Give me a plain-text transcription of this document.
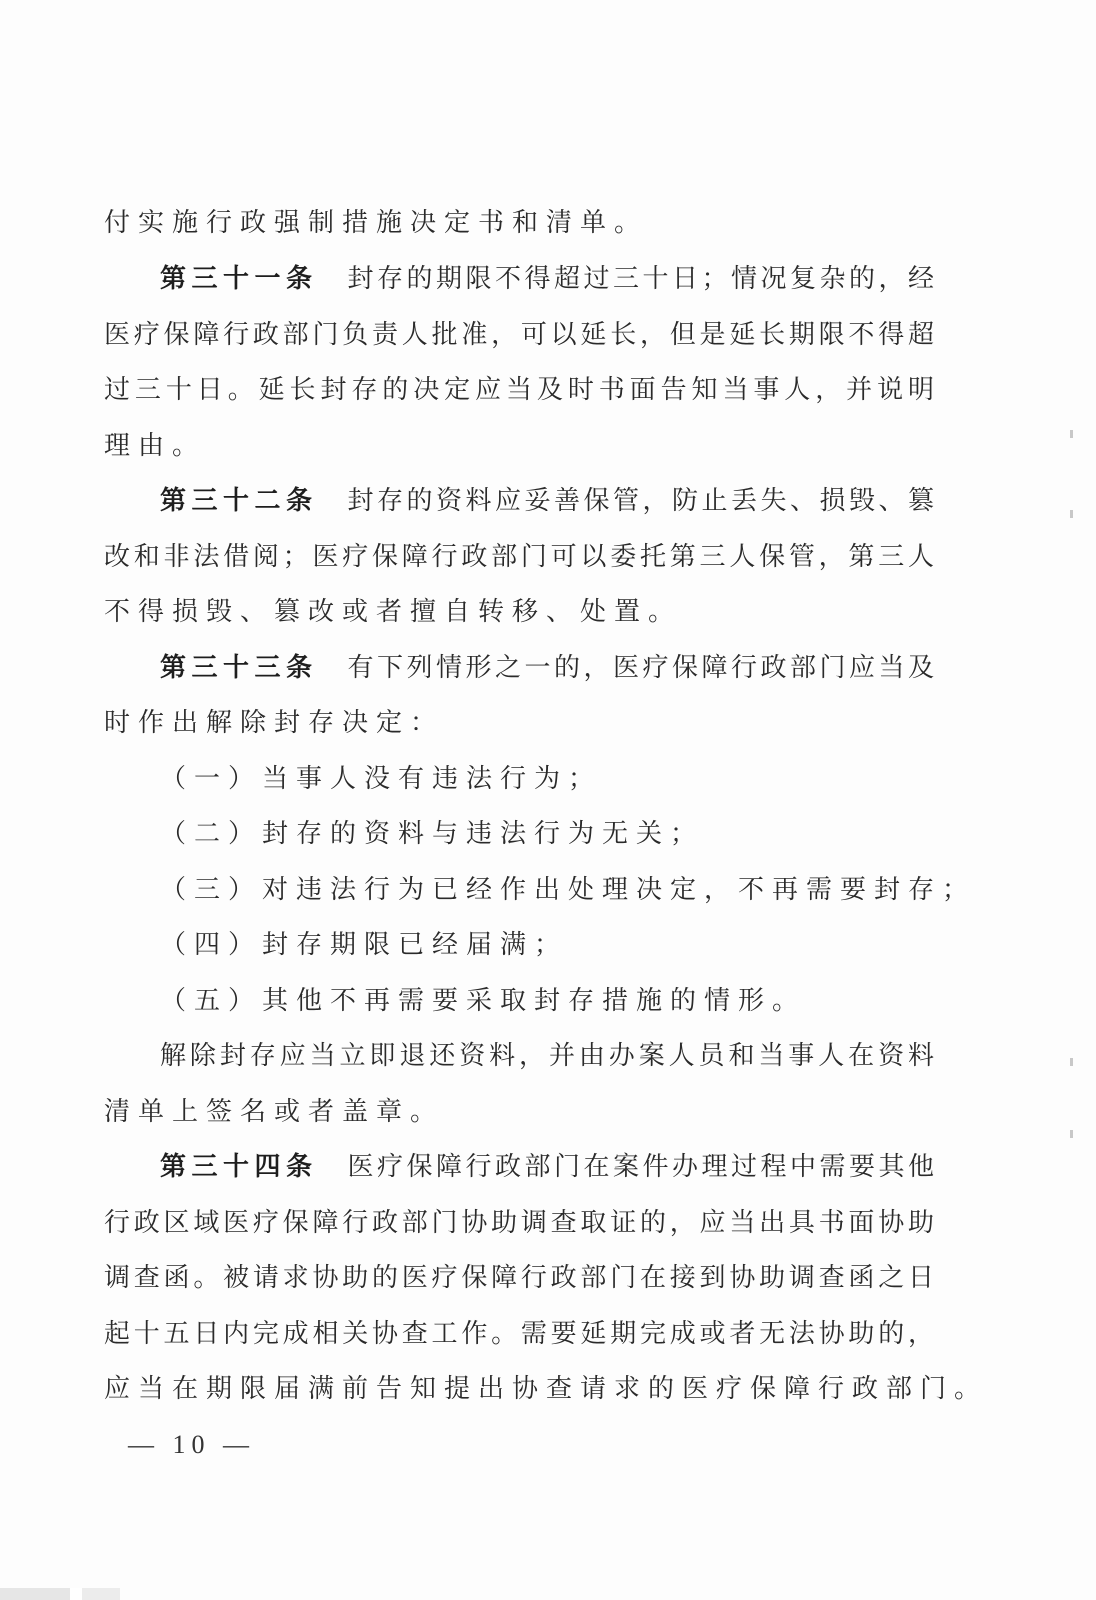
付实施行政强制措施决定书和清单。
第三十一条 封存的期限不得超过三十日；情况复杂的，经
医疗保障行政部门负责人批准，可以延长，但是延长期限不得超
过三十日。延长封存的决定应当及时书面告知当事人，并说明
理由。
第三十二条 封存的资料应妥善保管，防止丢失、损毁、篡
改和非法借阅；医疗保障行政部门可以委托第三人保管，第三人
不得损毁、篡改或者擅自转移、处置。
第三十三条 有下列情形之一的，医疗保障行政部门应当及
时作出解除封存决定：
（一）当事人没有违法行为；
（二）封存的资料与违法行为无关；
（三）对违法行为已经作出处理决定，不再需要封存；
（四）封存期限已经届满；
（五）其他不再需要采取封存措施的情形。
解除封存应当立即退还资料，并由办案人员和当事人在资料
清单上签名或者盖章。
第三十四条 医疗保障行政部门在案件办理过程中需要其他
行政区域医疗保障行政部门协助调查取证的，应当出具书面协助
调查函。被请求协助的医疗保障行政部门在接到协助调查函之日
起十五日内完成相关协查工作。需要延期完成或者无法协助的，
应当在期限届满前告知提出协查请求的医疗保障行政部门。
— 10 —
